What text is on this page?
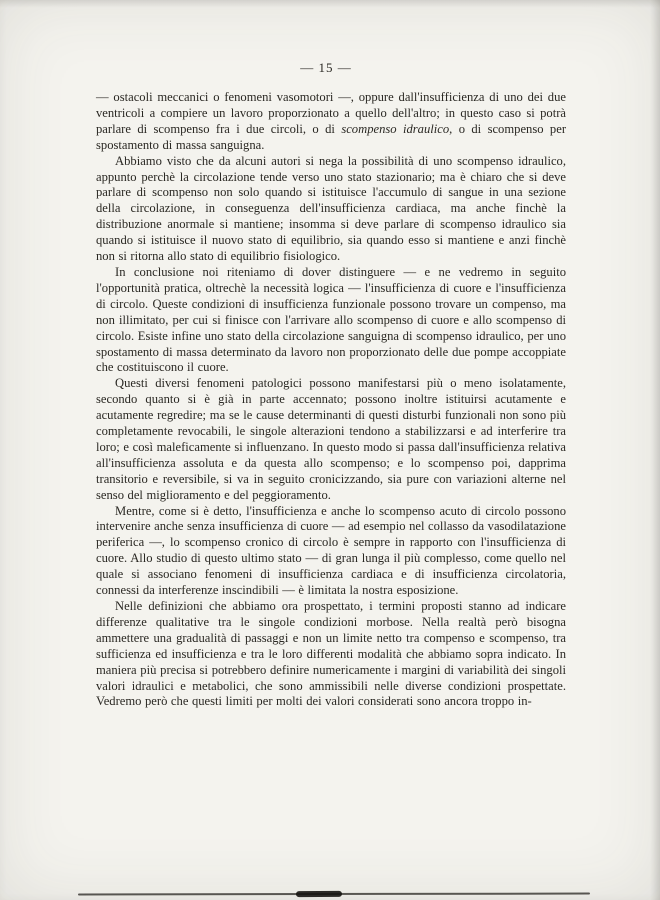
— 15 —

— ostacoli meccanici o fenomeni vasomotori —, oppure dall'insufficienza di uno dei due ventricoli a compiere un lavoro proporzionato a quello dell'altro; in questo caso si potrà parlare di scompenso fra i due circoli, o di scompenso idraulico, o di scompenso per spostamento di massa sanguigna.

Abbiamo visto che da alcuni autori si nega la possibilità di uno scompenso idraulico, appunto perchè la circolazione tende verso uno stato stazionario; ma è chiaro che si deve parlare di scompenso non solo quando si istituisce l'accumulo di sangue in una sezione della circolazione, in conseguenza dell'insufficienza cardiaca, ma anche finchè la distribuzione anormale si mantiene; insomma si deve parlare di scompenso idraulico sia quando si istituisce il nuovo stato di equilibrio, sia quando esso si mantiene e anzi finchè non si ritorna allo stato di equilibrio fisiologico.

In conclusione noi riteniamo di dover distinguere — e ne vedremo in seguito l'opportunità pratica, oltrechè la necessità logica — l'insufficienza di cuore e l'insufficienza di circolo. Queste condizioni di insufficienza funzionale possono trovare un compenso, ma non illimitato, per cui si finisce con l'arrivare allo scompenso di cuore e allo scompenso di circolo. Esiste infine uno stato della circolazione sanguigna di scompenso idraulico, per uno spostamento di massa determinato da lavoro non proporzionato delle due pompe accoppiate che costituiscono il cuore.

Questi diversi fenomeni patologici possono manifestarsi più o meno isolatamente, secondo quanto si è già in parte accennato; possono inoltre istituirsi acutamente e acutamente regredire; ma se le cause determinanti di questi disturbi funzionali non sono più completamente revocabili, le singole alterazioni tendono a stabilizzarsi e ad interferire tra loro; e così maleficamente si influenzano. In questo modo si passa dall'insufficienza relativa all'insufficienza assoluta e da questa allo scompenso; e lo scompenso poi, dapprima transitorio e reversibile, si va in seguito cronicizzando, sia pure con variazioni alterne nel senso del miglioramento e del peggioramento.

Mentre, come si è detto, l'insufficienza e anche lo scompenso acuto di circolo possono intervenire anche senza insufficienza di cuore — ad esempio nel collasso da vasodilatazione periferica —, lo scompenso cronico di circolo è sempre in rapporto con l'insufficienza di cuore. Allo studio di questo ultimo stato — di gran lunga il più complesso, come quello nel quale si associano fenomeni di insufficienza cardiaca e di insufficienza circolatoria, connessi da interferenze inscindibili — è limitata la nostra esposizione.

Nelle definizioni che abbiamo ora prospettato, i termini proposti stanno ad indicare differenze qualitative tra le singole condizioni morbose. Nella realtà però bisogna ammettere una gradualità di passaggi e non un limite netto tra compenso e scompenso, tra sufficienza ed insufficienza e tra le loro differenti modalità che abbiamo sopra indicato. In maniera più precisa si potrebbero definire numericamente i margini di variabilità dei singoli valori idraulici e metabolici, che sono ammissibili nelle diverse condizioni prospettate. Vedremo però che questi limiti per molti dei valori considerati sono ancora troppo in-
